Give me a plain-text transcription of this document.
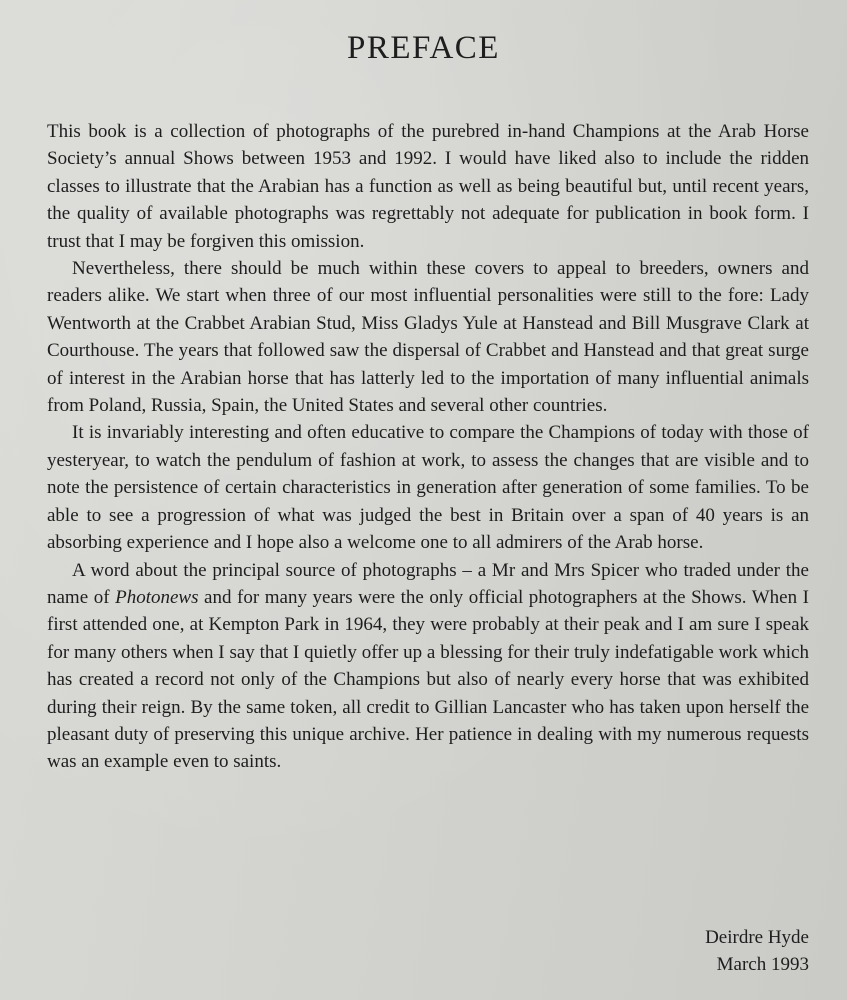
PREFACE

This book is a collection of photographs of the purebred in-hand Champions at the Arab Horse Society’s annual Shows between 1953 and 1992. I would have liked also to include the ridden classes to illustrate that the Arabian has a function as well as being beautiful but, until recent years, the quality of available photographs was regrettably not adequate for publication in book form. I trust that I may be forgiven this omission.

Nevertheless, there should be much within these covers to appeal to breeders, owners and readers alike. We start when three of our most influential personalities were still to the fore: Lady Wentworth at the Crabbet Arabian Stud, Miss Gladys Yule at Hanstead and Bill Musgrave Clark at Courthouse. The years that followed saw the dispersal of Crabbet and Hanstead and that great surge of interest in the Arabian horse that has latterly led to the importation of many influential animals from Poland, Russia, Spain, the United States and several other countries.

It is invariably interesting and often educative to compare the Champions of today with those of yesteryear, to watch the pendulum of fashion at work, to assess the changes that are visible and to note the persistence of certain characteristics in generation after generation of some families. To be able to see a progression of what was judged the best in Britain over a span of 40 years is an absorbing experience and I hope also a welcome one to all admirers of the Arab horse.

A word about the principal source of photographs – a Mr and Mrs Spicer who traded under the name of Photonews and for many years were the only official photographers at the Shows. When I first attended one, at Kempton Park in 1964, they were probably at their peak and I am sure I speak for many others when I say that I quietly offer up a blessing for their truly indefatigable work which has created a record not only of the Champions but also of nearly every horse that was exhibited during their reign. By the same token, all credit to Gillian Lancaster who has taken upon herself the pleasant duty of preserving this unique archive. Her patience in dealing with my numerous requests was an example even to saints.

Deirdre Hyde
March 1993
